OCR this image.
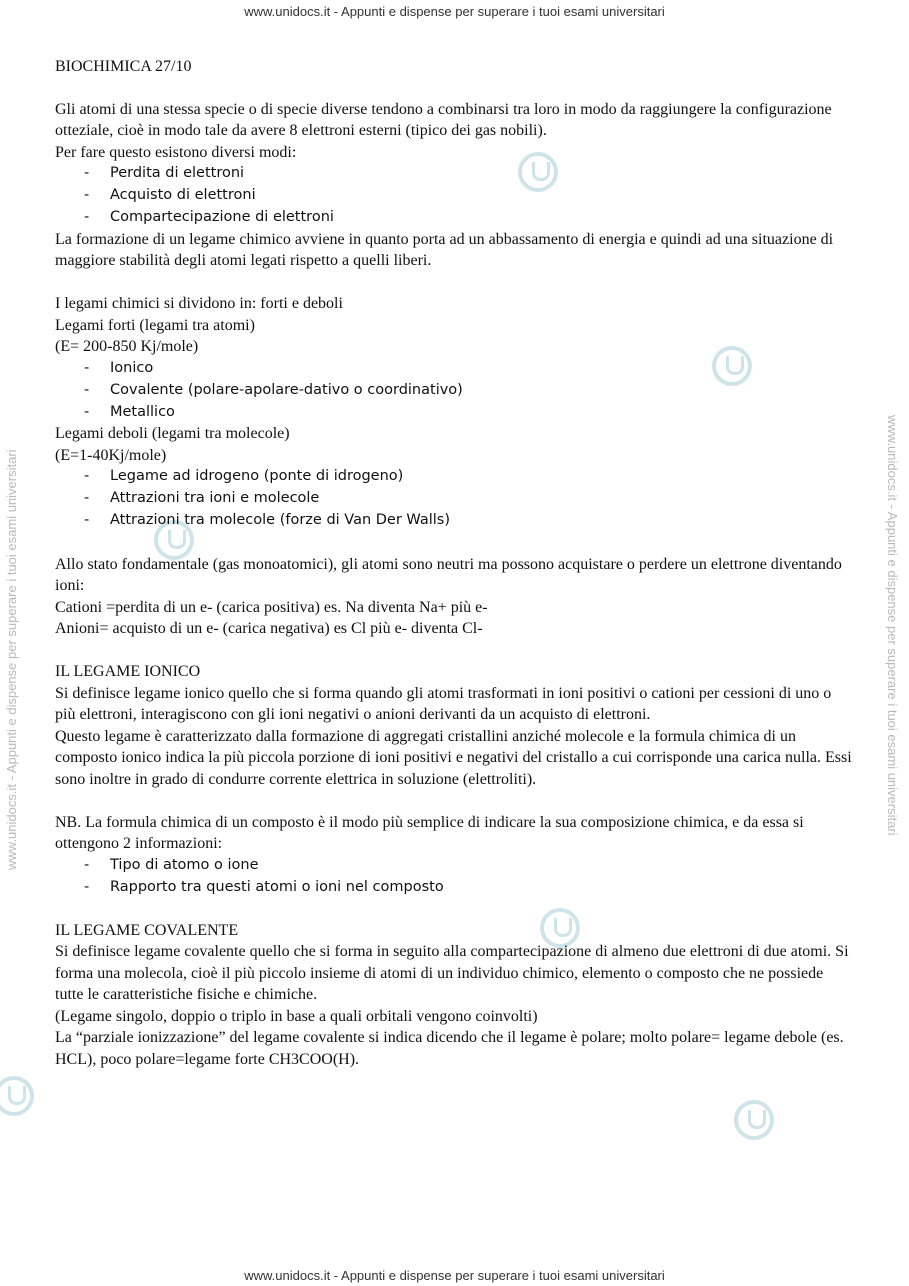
www.unidocs.it - Appunti e dispense per superare i tuoi esami universitari
www.unidocs.it - Appunti e dispense per superare i tuoi esami universitari	www.unidocs.it - Appunti e dispense per superare i tuoi esami universitari

BIOCHIMICA 27/10

Gli atomi di una stessa specie o di specie diverse tendono a combinarsi tra loro in modo da raggiungere la configurazione otteziale, cioè in modo tale da avere 8 elettroni esterni (tipico dei gas nobili).

Per fare questo esistono diversi modi:

- Perdita di elettroni
- Acquisto di elettroni
- Compartecipazione di elettroni

La formazione di un legame chimico avviene in quanto porta ad un abbassamento di energia e quindi ad una situazione di maggiore stabilità degli atomi legati rispetto a quelli liberi.

I legami chimici si dividono in: forti e deboli

Legami forti (legami tra atomi)

(E= 200-850 Kj/mole)

- Ionico
- Covalente (polare-apolare-dativo o coordinativo)
- Metallico

Legami deboli (legami tra molecole)

(E=1-40Kj/mole)

- Legame ad idrogeno (ponte di idrogeno)
- Attrazioni tra ioni e molecole
- Attrazioni tra molecole (forze di Van Der Walls)

Allo stato fondamentale (gas monoatomici), gli atomi sono neutri ma possono acquistare o perdere un elettrone diventando ioni:

Cationi =perdita di un e- (carica positiva) es. Na diventa Na+ più e-

Anioni= acquisto di un e- (carica negativa) es Cl più e- diventa Cl-

IL LEGAME IONICO

Si definisce legame ionico quello che si forma quando gli atomi trasformati in ioni positivi o cationi per cessioni di uno o più elettroni, interagiscono con gli ioni negativi o anioni derivanti da un acquisto di elettroni.

Questo legame è caratterizzato dalla formazione di aggregati cristallini anziché molecole e la formula chimica di un composto ionico indica la più piccola porzione di ioni positivi e negativi del cristallo a cui corrisponde una carica nulla. Essi sono inoltre in grado di condurre corrente elettrica in soluzione (elettroliti).

NB. La formula chimica di un composto è il modo più semplice di indicare la sua composizione chimica, e da essa si ottengono 2 informazioni:

- Tipo di atomo o ione
- Rapporto tra questi atomi o ioni nel composto

IL LEGAME COVALENTE

Si definisce legame covalente quello che si forma in seguito alla compartecipazione di almeno due elettroni di due atomi. Si forma una molecola, cioè il più piccolo insieme di atomi di un individuo chimico, elemento o composto che ne possiede tutte le caratteristiche fisiche e chimiche.

(Legame singolo, doppio o triplo in base a quali orbitali vengono coinvolti)

La “parziale ionizzazione” del legame covalente si indica dicendo che il legame è polare; molto polare= legame debole (es. HCL), poco polare=legame forte CH3COO(H).

www.unidocs.it - Appunti e dispense per superare i tuoi esami universitari
